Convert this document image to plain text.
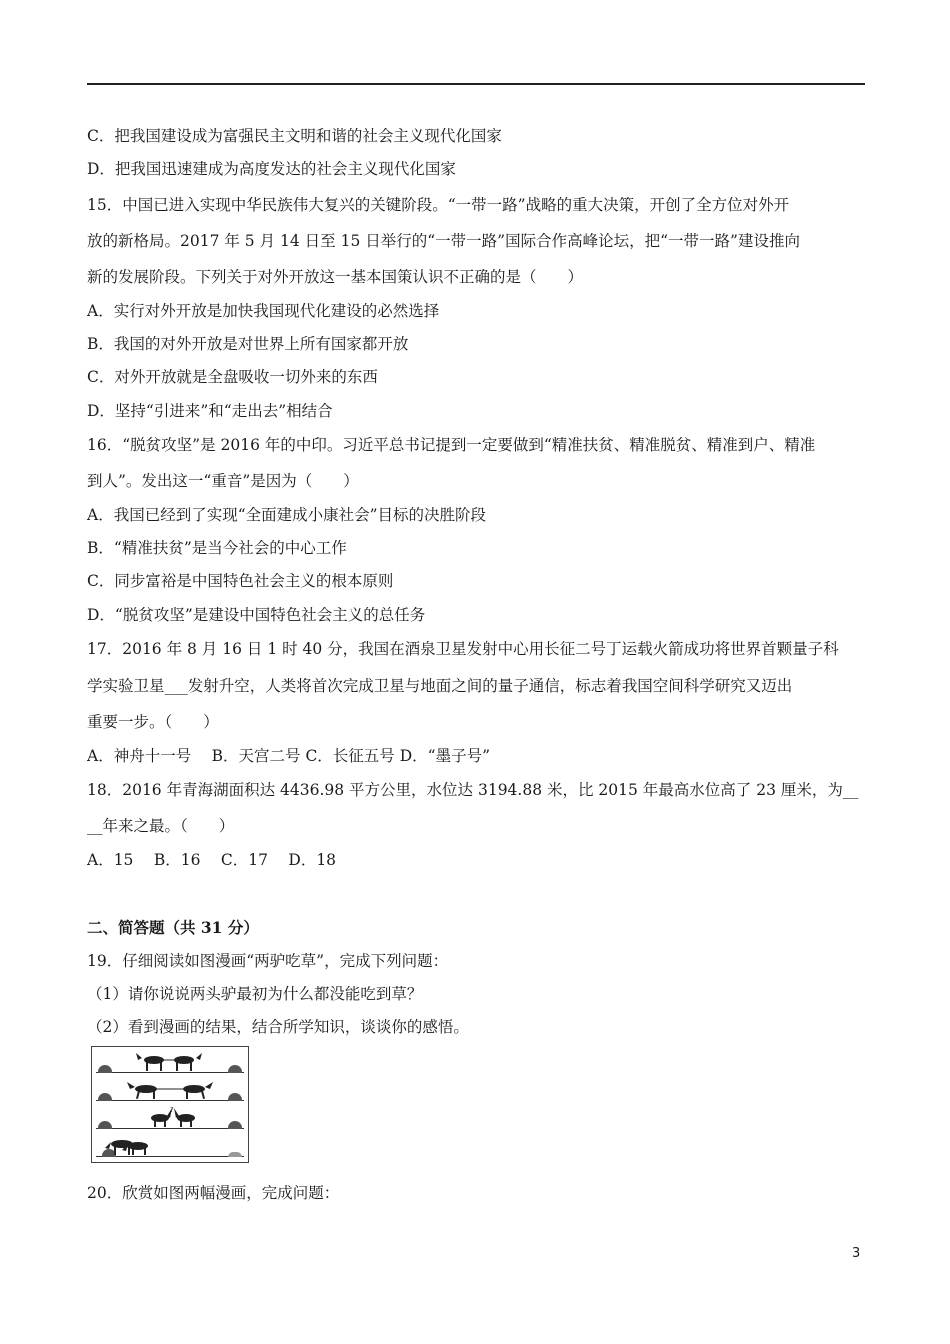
C．把我国建设成为富强民主文明和谐的社会主义现代化国家
D．把我国迅速建成为高度发达的社会主义现代化国家
15．中国已进入实现中华民族伟大复兴的关键阶段。“一带一路”战略的重大决策，开创了全方位对外开
放的新格局。2017 年 5 月 14 日至 15 日举行的“一带一路”国际合作高峰论坛，把“一带一路”建设推向
新的发展阶段。下列关于对外开放这一基本国策认识不正确的是（　　）
A．实行对外开放是加快我国现代化建设的必然选择
B．我国的对外开放是对世界上所有国家都开放
C．对外开放就是全盘吸收一切外来的东西
D．坚持“引进来”和“走出去”相结合
16．“脱贫攻坚”是 2016 年的中印。习近平总书记提到一定要做到“精准扶贫、精准脱贫、精准到户、精准
到人”。发出这一“重音”是因为（　　）
A．我国已经到了实现“全面建成小康社会”目标的决胜阶段
B．“精准扶贫”是当今社会的中心工作
C．同步富裕是中国特色社会主义的根本原则
D．“脱贫攻坚”是建设中国特色社会主义的总任务
17．2016 年 8 月 16 日 1 时 40 分，我国在酒泉卫星发射中心用长征二号丁运载火箭成功将世界首颗量子科
学实验卫星___发射升空，人类将首次完成卫星与地面之间的量子通信，标志着我国空间科学研究又迈出
重要一步。（　　）
A．神舟十一号　 B．天宫二号 C．长征五号 D．“墨子号”
18．2016 年青海湖面积达 4436.98 平方公里，水位达 3194.88 米，比 2015 年最高水位高了 23 厘米，为__
__年来之最。（　　）
A．15　 B．16　 C．17　 D．18
二、简答题（共 31 分）
19．仔细阅读如图漫画“两驴吃草”，完成下列问题：
（1）请你说说两头驴最初为什么都没能吃到草？
（2）看到漫画的结果，结合所学知识，谈谈你的感悟。
?
20．欣赏如图两幅漫画，完成问题：
3
